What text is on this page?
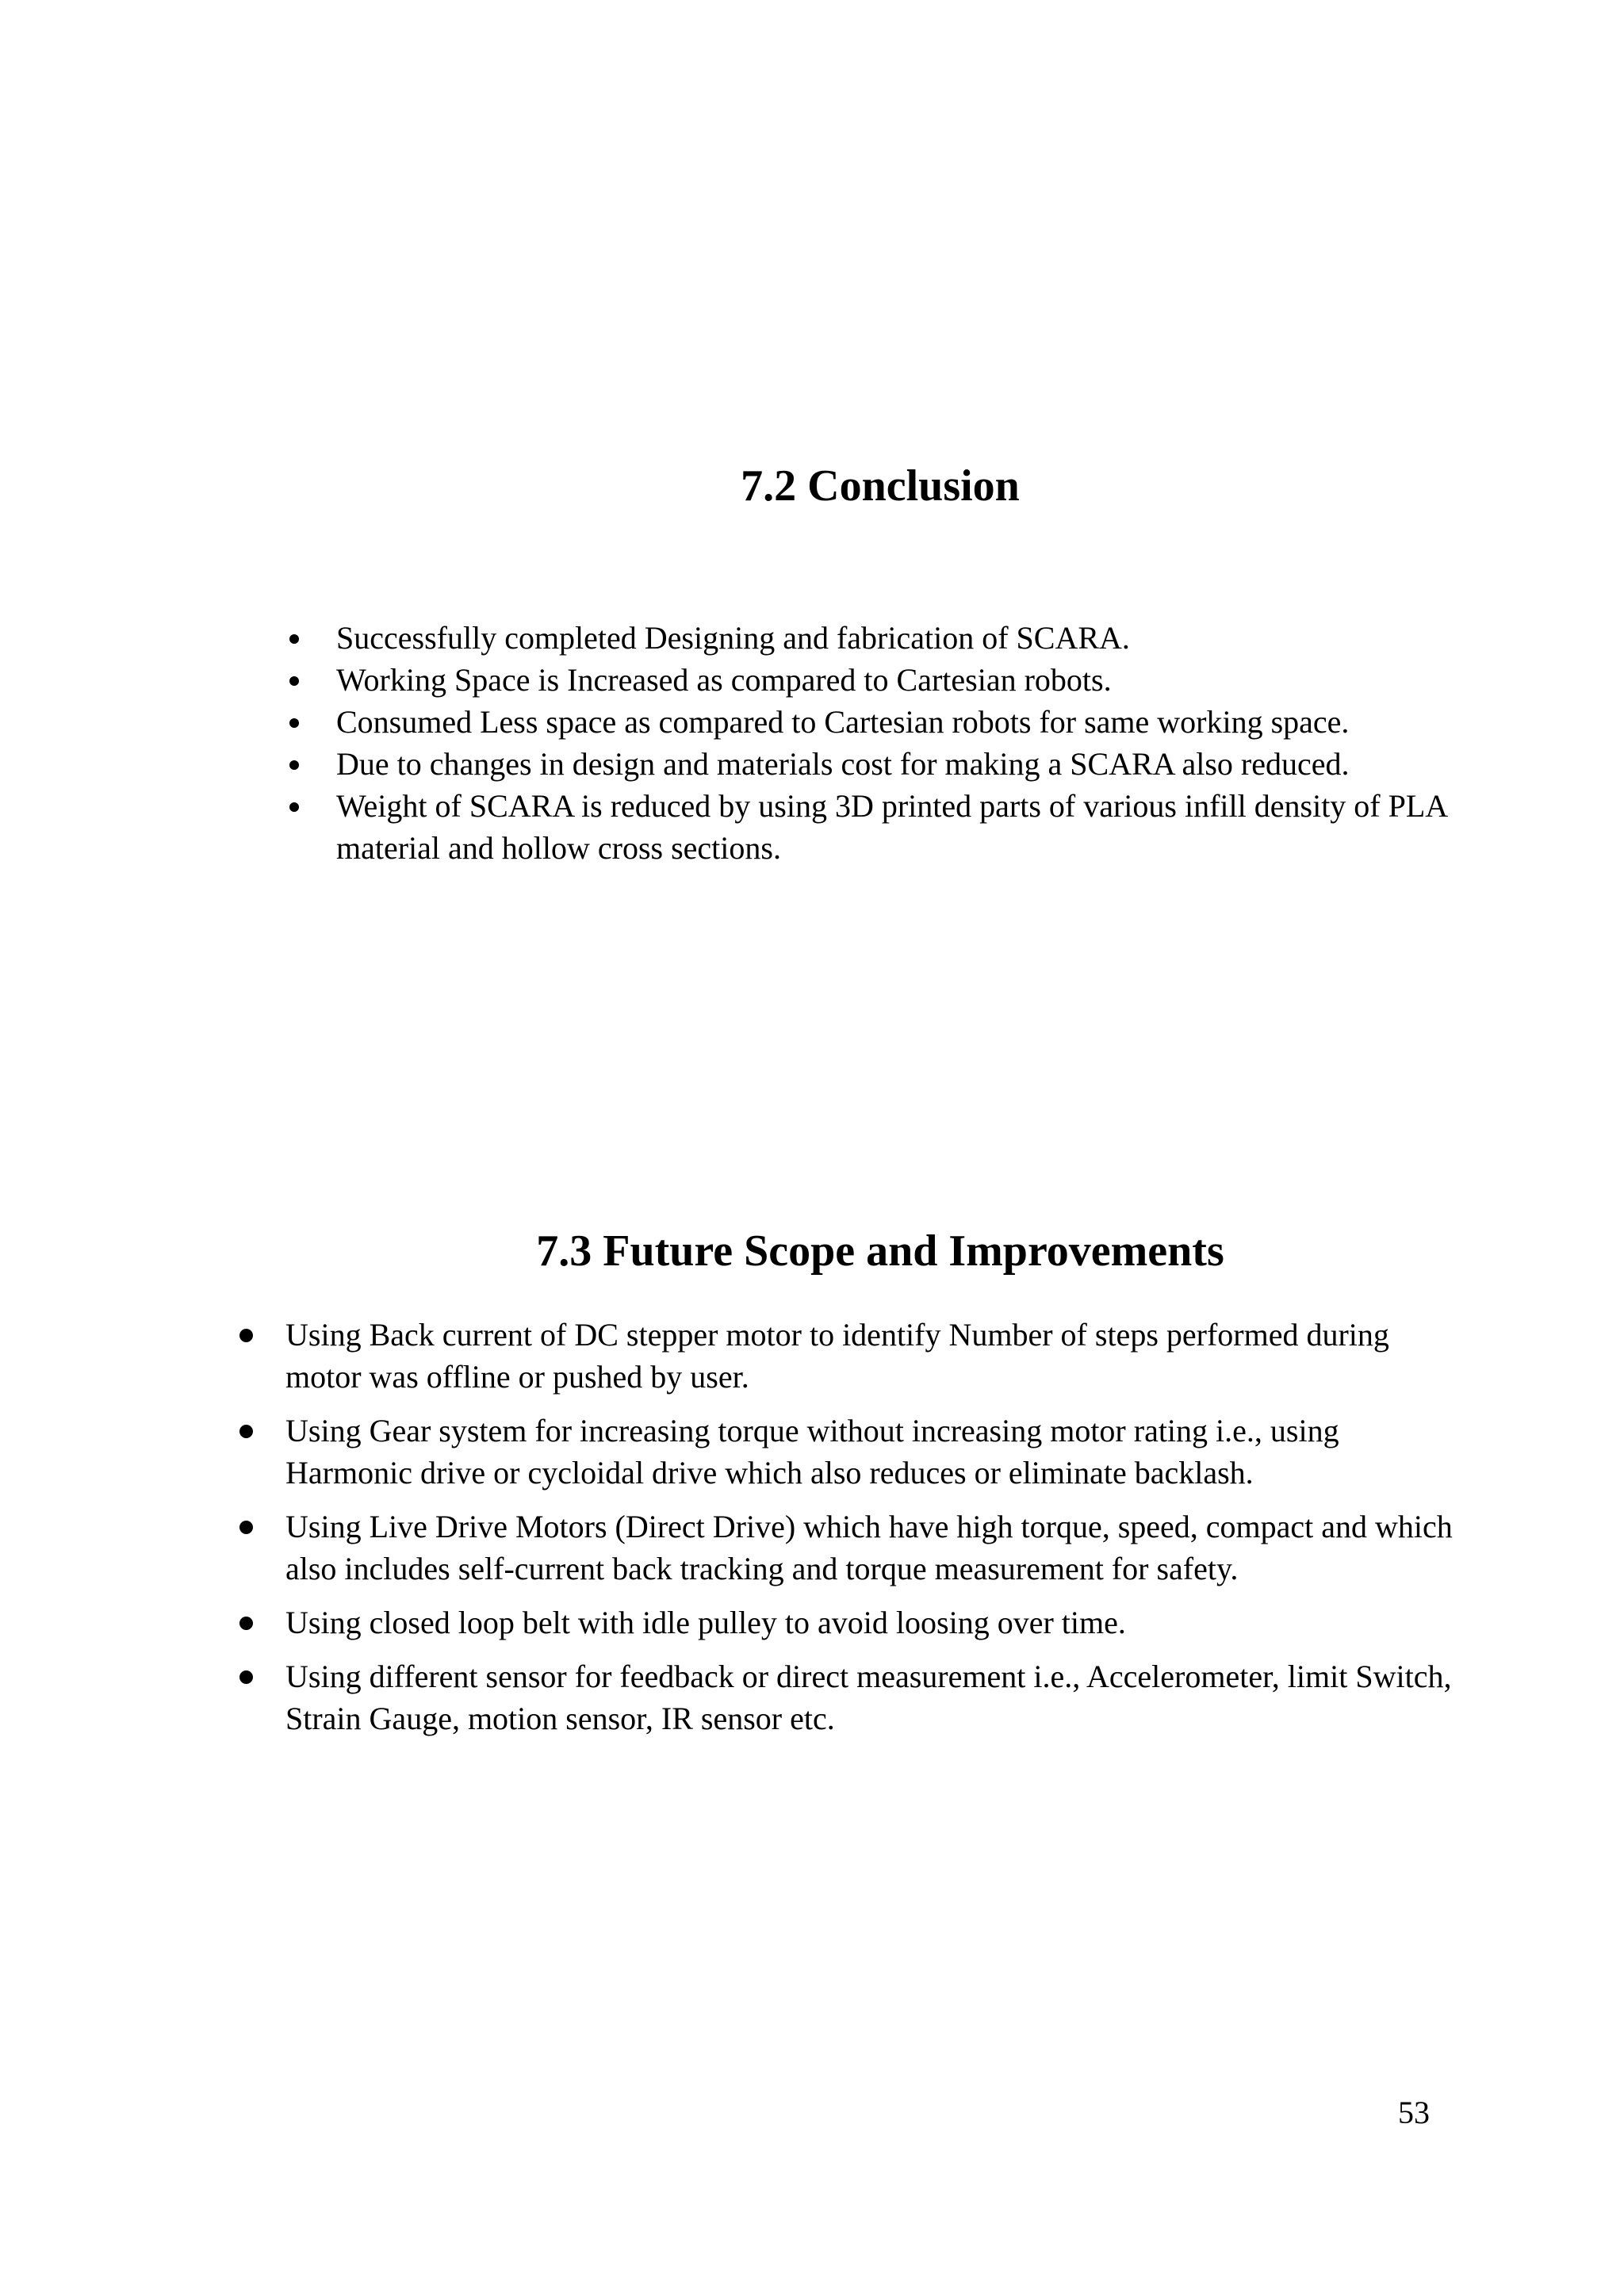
7.2 Conclusion
Successfully completed Designing and fabrication of SCARA.
Working Space is Increased as compared to Cartesian robots.
Consumed Less space as compared to Cartesian robots for same working space.
Due to changes in design and materials cost for making a SCARA also reduced.
Weight of SCARA is reduced by using 3D printed parts of various infill density of PLA material and hollow cross sections.
7.3 Future Scope and Improvements
Using Back current of DC stepper motor to identify Number of steps performed during motor was offline or pushed by user.
Using Gear system for increasing torque without increasing motor rating i.e., using Harmonic drive or cycloidal drive which also reduces or eliminate backlash.
Using Live Drive Motors (Direct Drive) which have high torque, speed, compact and which also includes self-current back tracking and torque measurement for safety.
Using closed loop belt with idle pulley to avoid loosing over time.
Using different sensor for feedback or direct measurement i.e., Accelerometer, limit Switch, Strain Gauge, motion sensor, IR sensor etc.
53
